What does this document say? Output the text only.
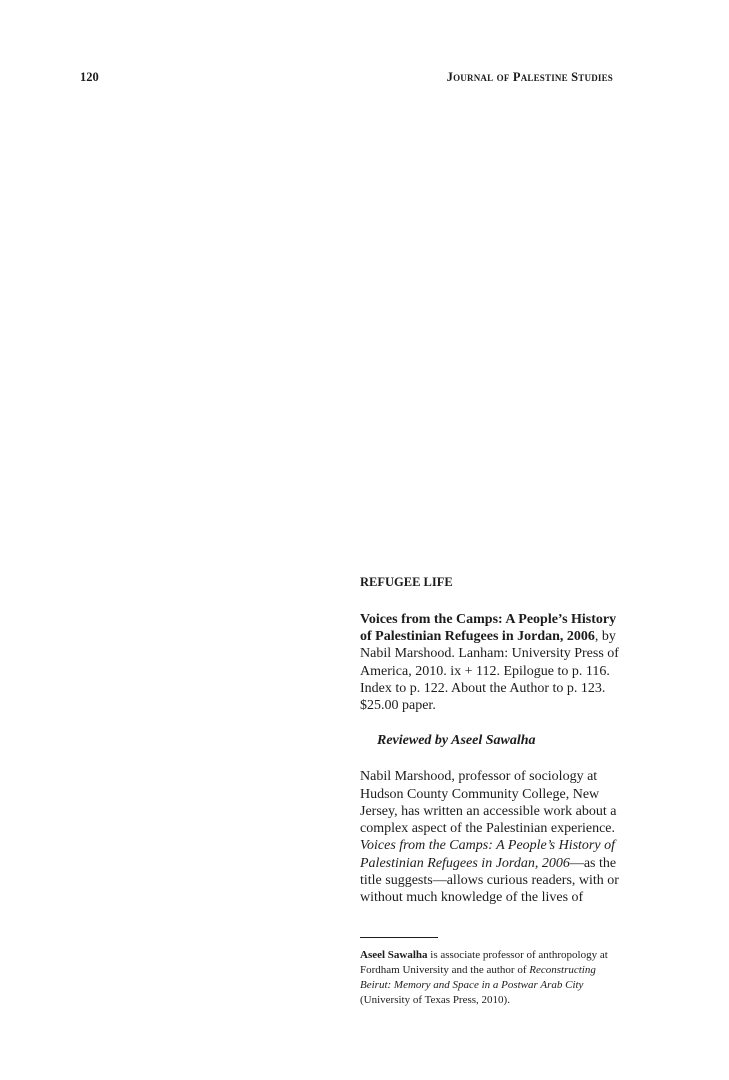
120	Journal of Palestine Studies
REFUGEE LIFE

Voices from the Camps: A People’s History of Palestinian Refugees in Jordan, 2006, by Nabil Marshood. Lanham: University Press of America, 2010. ix + 112. Epilogue to p. 116. Index to p. 122. About the Author to p. 123. $25.00 paper.

Reviewed by Aseel Sawalha

Nabil Marshood, professor of sociology at Hudson County Community College, New Jersey, has written an accessible work about a complex aspect of the Palestinian experience. Voices from the Camps: A People’s History of Palestinian Refugees in Jordan, 2006—as the title suggests—allows curious readers, with or without much knowledge of the lives of

Aseel Sawalha is associate professor of anthropology at Fordham University and the author of Reconstructing Beirut: Memory and Space in a Postwar Arab City (University of Texas Press, 2010).
